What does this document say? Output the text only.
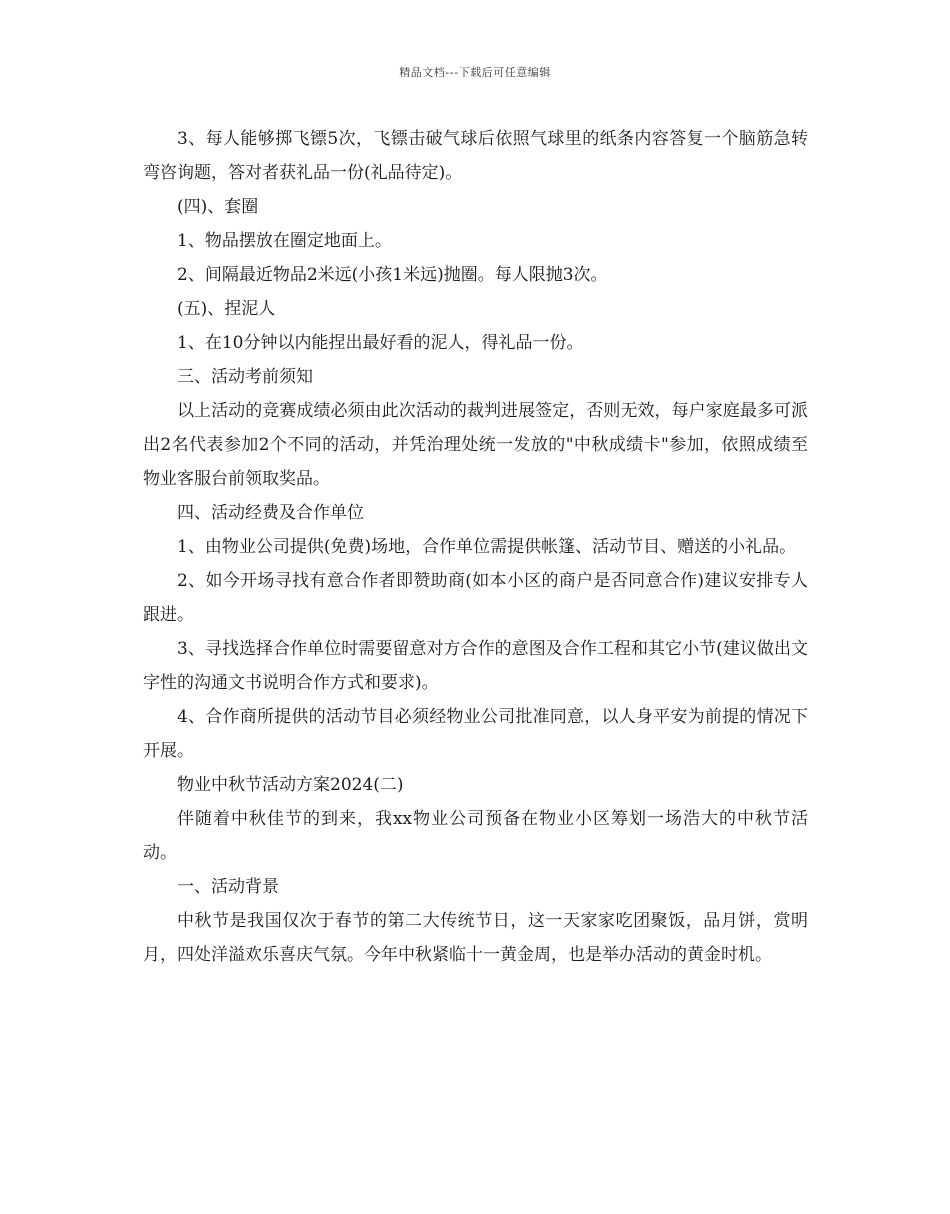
精品文档---下载后可任意编辑

3、每人能够掷飞镖5次，飞镖击破气球后依照气球里的纸条内容答复一个脑筋急转弯咨询题，答对者获礼品一份(礼品待定)。

(四)、套圈

1、物品摆放在圈定地面上。

2、间隔最近物品2米远(小孩1米远)抛圈。每人限抛3次。

(五)、捏泥人

1、在10分钟以内能捏出最好看的泥人，得礼品一份。

三、活动考前须知

以上活动的竞赛成绩必须由此次活动的裁判进展签定，否则无效，每户家庭最多可派出2名代表参加2个不同的活动，并凭治理处统一发放的"中秋成绩卡"参加，依照成绩至物业客服台前领取奖品。

四、活动经费及合作单位

1、由物业公司提供(免费)场地，合作单位需提供帐篷、活动节目、赠送的小礼品。

2、如今开场寻找有意合作者即赞助商(如本小区的商户是否同意合作)建议安排专人跟进。

3、寻找选择合作单位时需要留意对方合作的意图及合作工程和其它小节(建议做出文字性的沟通文书说明合作方式和要求)。

4、合作商所提供的活动节目必须经物业公司批准同意，以人身平安为前提的情况下开展。

物业中秋节活动方案2024(二)

伴随着中秋佳节的到来，我xx物业公司预备在物业小区筹划一场浩大的中秋节活动。

一、活动背景

中秋节是我国仅次于春节的第二大传统节日，这一天家家吃团聚饭，品月饼，赏明月，四处洋溢欢乐喜庆气氛。今年中秋紧临十一黄金周，也是举办活动的黄金时机。
